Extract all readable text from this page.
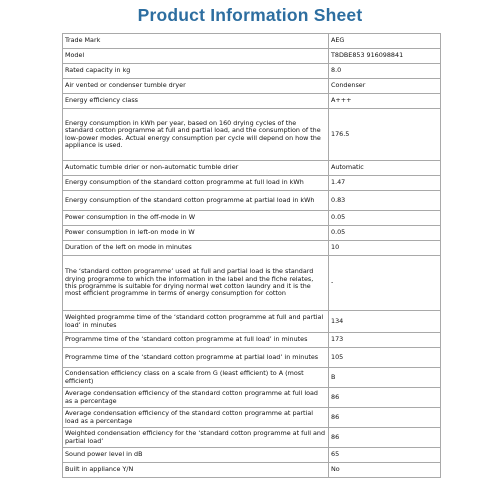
Product Information Sheet
Trade Mark	AEG
Model	T8DBE853 916098841
Rated capacity in kg	8.0
Air vented or condenser tumble dryer	Condenser
Energy efficiency class	A+++
Energy consumption in kWh per year, based on 160 drying cycles of the standard cotton programme at full and partial load, and the consumption of the low-power modes. Actual energy consumption per cycle will depend on how the appliance is used.	176.5
Automatic tumble drier or non-automatic tumble drier	Automatic
Energy consumption of the standard cotton programme at full load in kWh	1.47
Energy consumption of the standard cotton programme at partial load in kWh	0.83
Power consumption in the off-mode in W	0.05
Power consumption in left-on mode in W	0.05
Duration of the left on mode in minutes	10
The ‘standard cotton programme’ used at full and partial load is the standard drying programme to which the information in the label and the fiche relates, this programme is suitable for drying normal wet cotton laundry and it is the most efficient programme in terms of energy consumption for cotton	-
Weighted programme time of the ‘standard cotton programme at full and partial load’ in minutes	134
Programme time of the ‘standard cotton programme at full load’ in minutes	173
Programme time of the ‘standard cotton programme at partial load’ in minutes	105
Condensation efficiency class on a scale from G (least efficient) to A (most efficient)	B
Average condensation efficiency of the standard cotton programme at full load as a percentage	86
Average condensation efficiency of the standard cotton programme at partial load as a percentage	86
Weighted condensation efficiency for the ‘standard cotton programme at full and partial load’	86
Sound power level in dB	65
Built in appliance Y/N	No
